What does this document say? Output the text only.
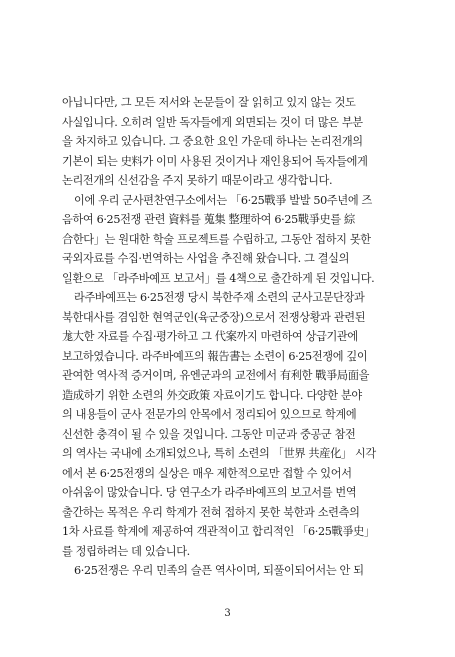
아닙니다만, 그 모든 저서와 논문들이 잘 읽히고 있지 않는 것도
사실입니다. 오히려 일반 독자들에게 외면되는 것이 더 많은 부분
을 차지하고 있습니다. 그 중요한 요인 가운데 하나는 논리전개의
기본이 되는 史料가 이미 사용된 것이거나 재인용되어 독자들에게
논리전개의 신선감을 주지 못하기 때문이라고 생각합니다.
이에 우리 군사편찬연구소에서는 「6·25戰爭 발발 50주년에 즈
음하여 6·25전쟁 관련 資料를 蒐集 整理하여 6·25戰爭史를 綜
合한다」는 원대한 학술 프로젝트를 수립하고, 그동안 접하지 못한
국외자료를 수집·번역하는 사업을 추진해 왔습니다. 그 결실의
일환으로 「라주바예프 보고서」를 4책으로 출간하게 된 것입니다.
라주바예프는 6·25전쟁 당시 북한주재 소련의 군사고문단장과
북한대사를 겸임한 현역군인(육군중장)으로서 전쟁상황과 관련된
尨大한 자료를 수집·평가하고 그 代案까지 마련하여 상급기관에
보고하였습니다. 라주바예프의 報告書는 소련이 6·25전쟁에 깊이
관여한 역사적 증거이며, 유엔군과의 교전에서 有利한 戰爭局面을
造成하기 위한 소련의 外交政策 자료이기도 합니다. 다양한 분야
의 내용들이 군사 전문가의 안목에서 정리되어 있으므로 학계에
신선한 충격이 될 수 있을 것입니다. 그동안 미군과 중공군 참전
의 역사는 국내에 소개되었으나, 특히 소련의 「世界 共産化」 시각
에서 본 6·25전쟁의 실상은 매우 제한적으로만 접할 수 있어서
아쉬움이 많았습니다. 당 연구소가 라주바예프의 보고서를 번역
출간하는 목적은 우리 학계가 전혀 접하지 못한 북한과 소련측의
1차 사료를 학계에 제공하여 객관적이고 합리적인 「6·25戰爭史」
를 정립하려는 데 있습니다.
6·25전쟁은 우리 민족의 슬픈 역사이며, 되풀이되어서는 안 되
3
